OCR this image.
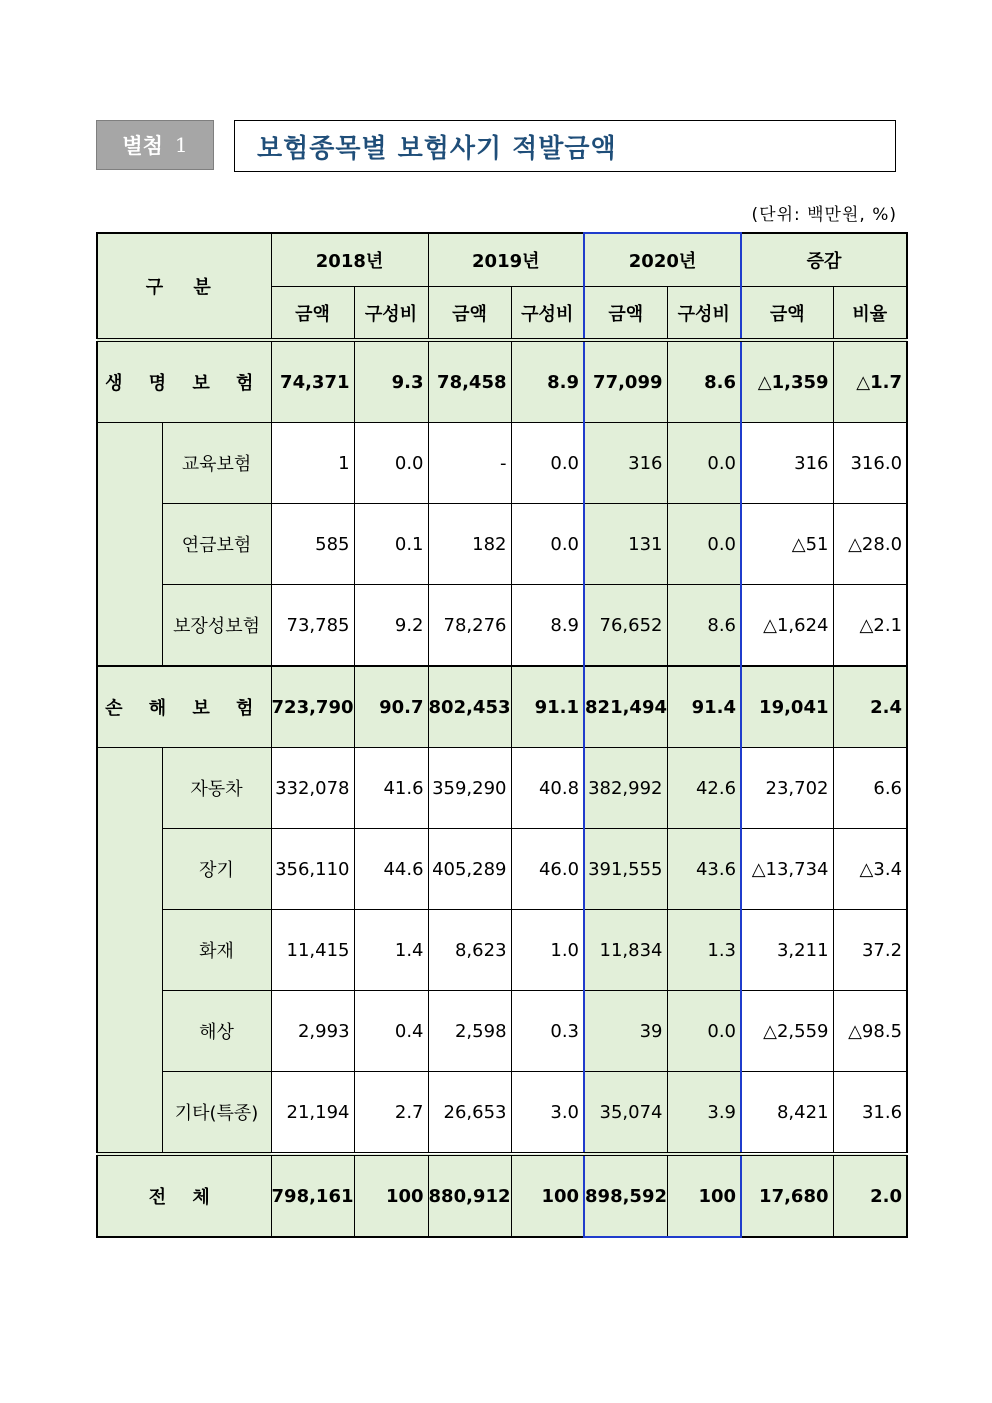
별첨 1	보험종목별 보험사기 적발금액
(단위: 백만원, %)
구 분		2018년		2019년		2020년		증감	
		금액	구성비	금액	구성비	금액	구성비	금액	비율
생 명 보 험		74,371	9.3	78,458	8.9	77,099	8.6	△1,359	△1.7
	교육보험	1	0.0	-	0.0	316	0.0	316	316.0
	연금보험	585	0.1	182	0.0	131	0.0	△51	△28.0
	보장성보험	73,785	9.2	78,276	8.9	76,652	8.6	△1,624	△2.1
손 해 보 험		723,790	90.7	802,453	91.1	821,494	91.4	19,041	2.4
	자동차	332,078	41.6	359,290	40.8	382,992	42.6	23,702	6.6
	장기	356,110	44.6	405,289	46.0	391,555	43.6	△13,734	△3.4
	화재	11,415	1.4	8,623	1.0	11,834	1.3	3,211	37.2
	해상	2,993	0.4	2,598	0.3	39	0.0	△2,559	△98.5
	기타(특종)	21,194	2.7	26,653	3.0	35,074	3.9	8,421	31.6
전 체		798,161	100	880,912	100	898,592	100	17,680	2.0
